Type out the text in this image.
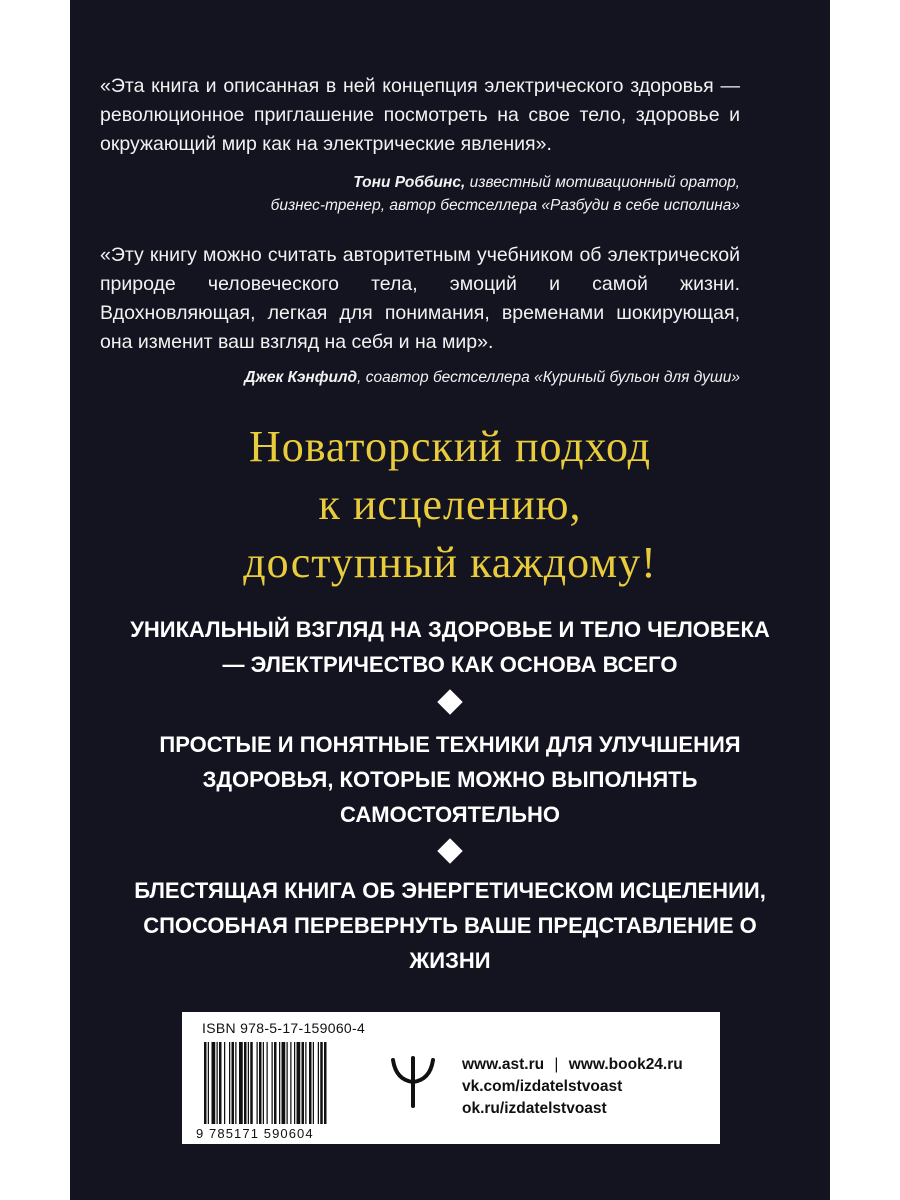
«Эта книга и описанная в ней концепция электрического здоровья — революционное приглашение посмотреть на свое тело, здоровье и окружающий мир как на электрические явления».
Тони Роббинс, известный мотивационный оратор,
бизнес-тренер, автор бестселлера «Разбуди в себе исполина»
«Эту книгу можно считать авторитетным учебником об электрической природе человеческого тела, эмоций и самой жизни. Вдохновляющая, легкая для понимания, временами шокирующая, она изменит ваш взгляд на себя и на мир».
Джек Кэнфилд, соавтор бестселлера «Куриный бульон для души»
Новаторский подход
к исцелению,
доступный каждому!
УНИКАЛЬНЫЙ ВЗГЛЯД НА ЗДОРОВЬЕ И ТЕЛО ЧЕЛОВЕКА — ЭЛЕКТРИЧЕСТВО КАК ОСНОВА ВСЕГО
ПРОСТЫЕ И ПОНЯТНЫЕ ТЕХНИКИ ДЛЯ УЛУЧШЕНИЯ ЗДОРОВЬЯ, КОТОРЫЕ МОЖНО ВЫПОЛНЯТЬ САМОСТОЯТЕЛЬНО
БЛЕСТЯЩАЯ КНИГА ОБ ЭНЕРГЕТИЧЕСКОМ ИСЦЕЛЕНИИ, СПОСОБНАЯ ПЕРЕВЕРНУТЬ ВАШЕ ПРЕДСТАВЛЕНИЕ О ЖИЗНИ
ISBN 978-5-17-159060-4
9 785171 590604
www.ast.ru | www.book24.ru
vk.com/izdatelstvoast
ok.ru/izdatelstvoast
